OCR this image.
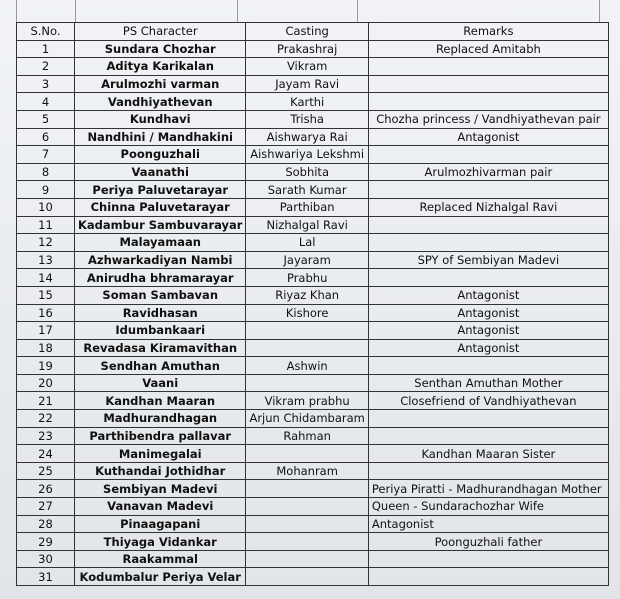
S.No.	PS Character	Casting	Remarks
1	Sundara Chozhar	Prakashraj	Replaced Amitabh
2	Aditya Karikalan	Vikram	
3	Arulmozhi varman	Jayam Ravi	
4	Vandhiyathevan	Karthi	
5	Kundhavi	Trisha	Chozha princess / Vandhiyathevan pair
6	Nandhini / Mandhakini	Aishwarya Rai	Antagonist
7	Poonguzhali	Aishwariya Lekshmi	
8	Vaanathi	Sobhita	Arulmozhivarman pair
9	Periya Paluvetarayar	Sarath Kumar	
10	Chinna Paluvetarayar	Parthiban	Replaced Nizhalgal Ravi
11	Kadambur Sambuvarayar	Nizhalgal Ravi	
12	Malayamaan	Lal	
13	Azhwarkadiyan Nambi	Jayaram	SPY of Sembiyan Madevi
14	Anirudha bhramarayar	Prabhu	
15	Soman Sambavan	Riyaz Khan	Antagonist
16	Ravidhasan	Kishore	Antagonist
17	Idumbankaari		Antagonist
18	Revadasa Kiramavithan		Antagonist
19	Sendhan Amuthan	Ashwin	
20	Vaani		Senthan Amuthan Mother
21	Kandhan Maaran	Vikram prabhu	Closefriend of Vandhiyathevan
22	Madhurandhagan	Arjun Chidambaram	
23	Parthibendra pallavar	Rahman	
24	Manimegalai		Kandhan Maaran Sister
25	Kuthandai Jothidhar	Mohanram	
26	Sembiyan Madevi		Periya Piratti - Madhurandhagan Mother
27	Vanavan Madevi		Queen - Sundarachozhar Wife
28	Pinaagapani		Antagonist
29	Thiyaga Vidankar		Poonguzhali father
30	Raakammal		
31	Kodumbalur Periya Velar		
